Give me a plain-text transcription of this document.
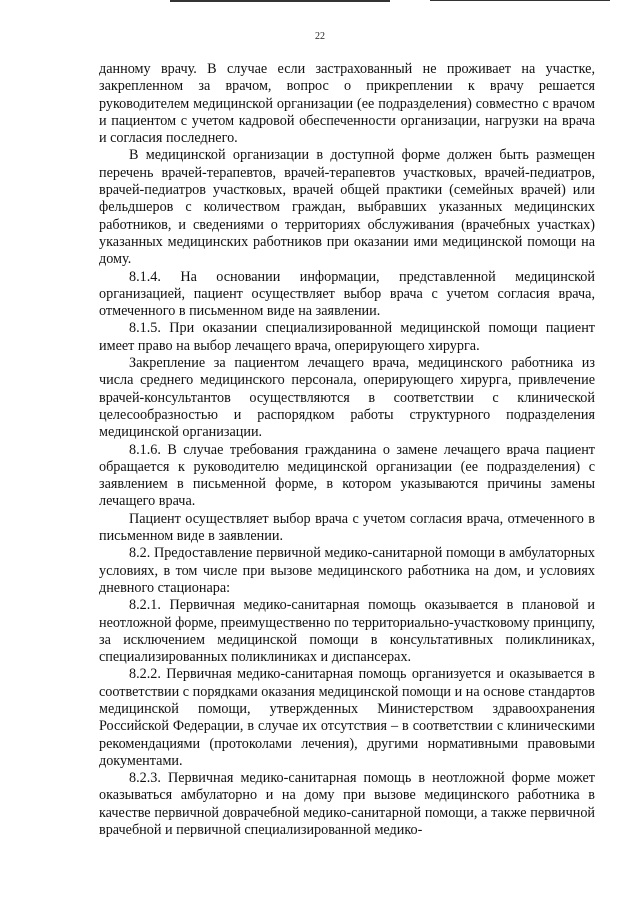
22

данному врачу. В случае если застрахованный не проживает на участке, закрепленном за врачом, вопрос о прикреплении к врачу решается руководителем медицинской организации (ее подразделения) совместно с врачом и пациентом с учетом кадровой обеспеченности организации, нагрузки на врача и согласия последнего.

В медицинской организации в доступной форме должен быть размещен перечень врачей-терапевтов, врачей-терапевтов участковых, врачей-педиатров, врачей-педиатров участковых, врачей общей практики (семейных врачей) или фельдшеров с количеством граждан, выбравших указанных медицинских работников, и сведениями о территориях обслуживания (врачебных участках) указанных медицинских работников при оказании ими медицинской помощи на дому.

8.1.4. На основании информации, представленной медицинской организацией, пациент осуществляет выбор врача с учетом согласия врача, отмеченного в письменном виде на заявлении.

8.1.5. При оказании специализированной медицинской помощи пациент имеет право на выбор лечащего врача, оперирующего хирурга.

Закрепление за пациентом лечащего врача, медицинского работника из числа среднего медицинского персонала, оперирующего хирурга, привлечение врачей-консультантов осуществляются в соответствии с клинической целесообразностью и распорядком работы структурного подразделения медицинской организации.

8.1.6. В случае требования гражданина о замене лечащего врача пациент обращается к руководителю медицинской организации (ее подразделения) с заявлением в письменной форме, в котором указываются причины замены лечащего врача.

Пациент осуществляет выбор врача с учетом согласия врача, отмеченного в письменном виде в заявлении.

8.2. Предоставление первичной медико-санитарной помощи в амбулаторных условиях, в том числе при вызове медицинского работника на дом, и условиях дневного стационара:

8.2.1. Первичная медико-санитарная помощь оказывается в плановой и неотложной форме, преимущественно по территориально-участковому принципу, за исключением медицинской помощи в консультативных поликлиниках, специализированных поликлиниках и диспансерах.

8.2.2. Первичная медико-санитарная помощь организуется и оказывается в соответствии с порядками оказания медицинской помощи и на основе стандартов медицинской помощи, утвержденных Министерством здравоохранения Российской Федерации, в случае их отсутствия – в соответствии с клиническими рекомендациями (протоколами лечения), другими нормативными правовыми документами.

8.2.3. Первичная медико-санитарная помощь в неотложной форме может оказываться амбулаторно и на дому при вызове медицинского работника в качестве первичной доврачебной медико-санитарной помощи, а также первичной врачебной и первичной специализированной медико-
